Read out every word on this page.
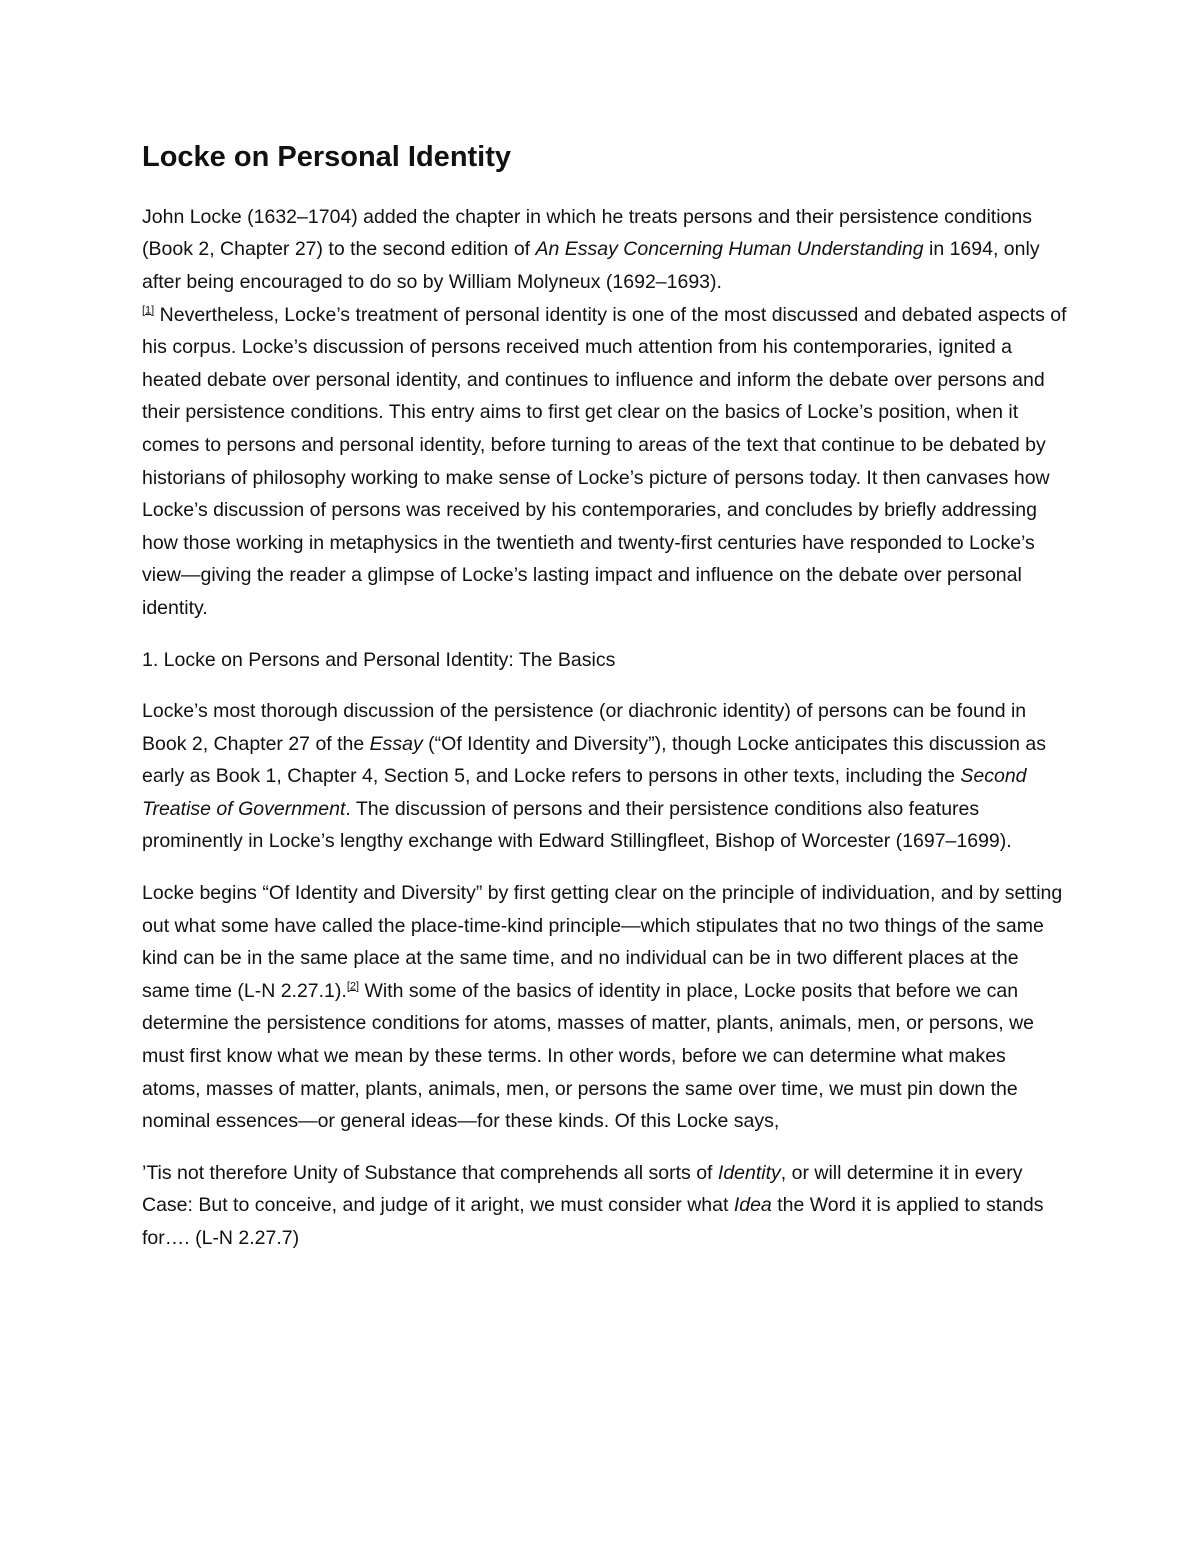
Locke on Personal Identity

John Locke (1632–1704) added the chapter in which he treats persons and their persistence conditions (Book 2, Chapter 27) to the second edition of An Essay Concerning Human Understanding in 1694, only after being encouraged to do so by William Molyneux (1692–1693).
[1] Nevertheless, Locke’s treatment of personal identity is one of the most discussed and debated aspects of his corpus. Locke’s discussion of persons received much attention from his contemporaries, ignited a heated debate over personal identity, and continues to influence and inform the debate over persons and their persistence conditions. This entry aims to first get clear on the basics of Locke’s position, when it comes to persons and personal identity, before turning to areas of the text that continue to be debated by historians of philosophy working to make sense of Locke’s picture of persons today. It then canvases how Locke’s discussion of persons was received by his contemporaries, and concludes by briefly addressing how those working in metaphysics in the twentieth and twenty-first centuries have responded to Locke’s view—giving the reader a glimpse of Locke’s lasting impact and influence on the debate over personal identity.

1. Locke on Persons and Personal Identity: The Basics

Locke’s most thorough discussion of the persistence (or diachronic identity) of persons can be found in Book 2, Chapter 27 of the Essay (“Of Identity and Diversity”), though Locke anticipates this discussion as early as Book 1, Chapter 4, Section 5, and Locke refers to persons in other texts, including the Second Treatise of Government. The discussion of persons and their persistence conditions also features prominently in Locke’s lengthy exchange with Edward Stillingfleet, Bishop of Worcester (1697–1699).

Locke begins “Of Identity and Diversity” by first getting clear on the principle of individuation, and by setting out what some have called the place-time-kind principle—which stipulates that no two things of the same kind can be in the same place at the same time, and no individual can be in two different places at the same time (L-N 2.27.1).[2] With some of the basics of identity in place, Locke posits that before we can determine the persistence conditions for atoms, masses of matter, plants, animals, men, or persons, we must first know what we mean by these terms. In other words, before we can determine what makes atoms, masses of matter, plants, animals, men, or persons the same over time, we must pin down the nominal essences—or general ideas—for these kinds. Of this Locke says,

’Tis not therefore Unity of Substance that comprehends all sorts of Identity, or will determine it in every Case: But to conceive, and judge of it aright, we must consider what Idea the Word it is applied to stands for…. (L-N 2.27.7)
